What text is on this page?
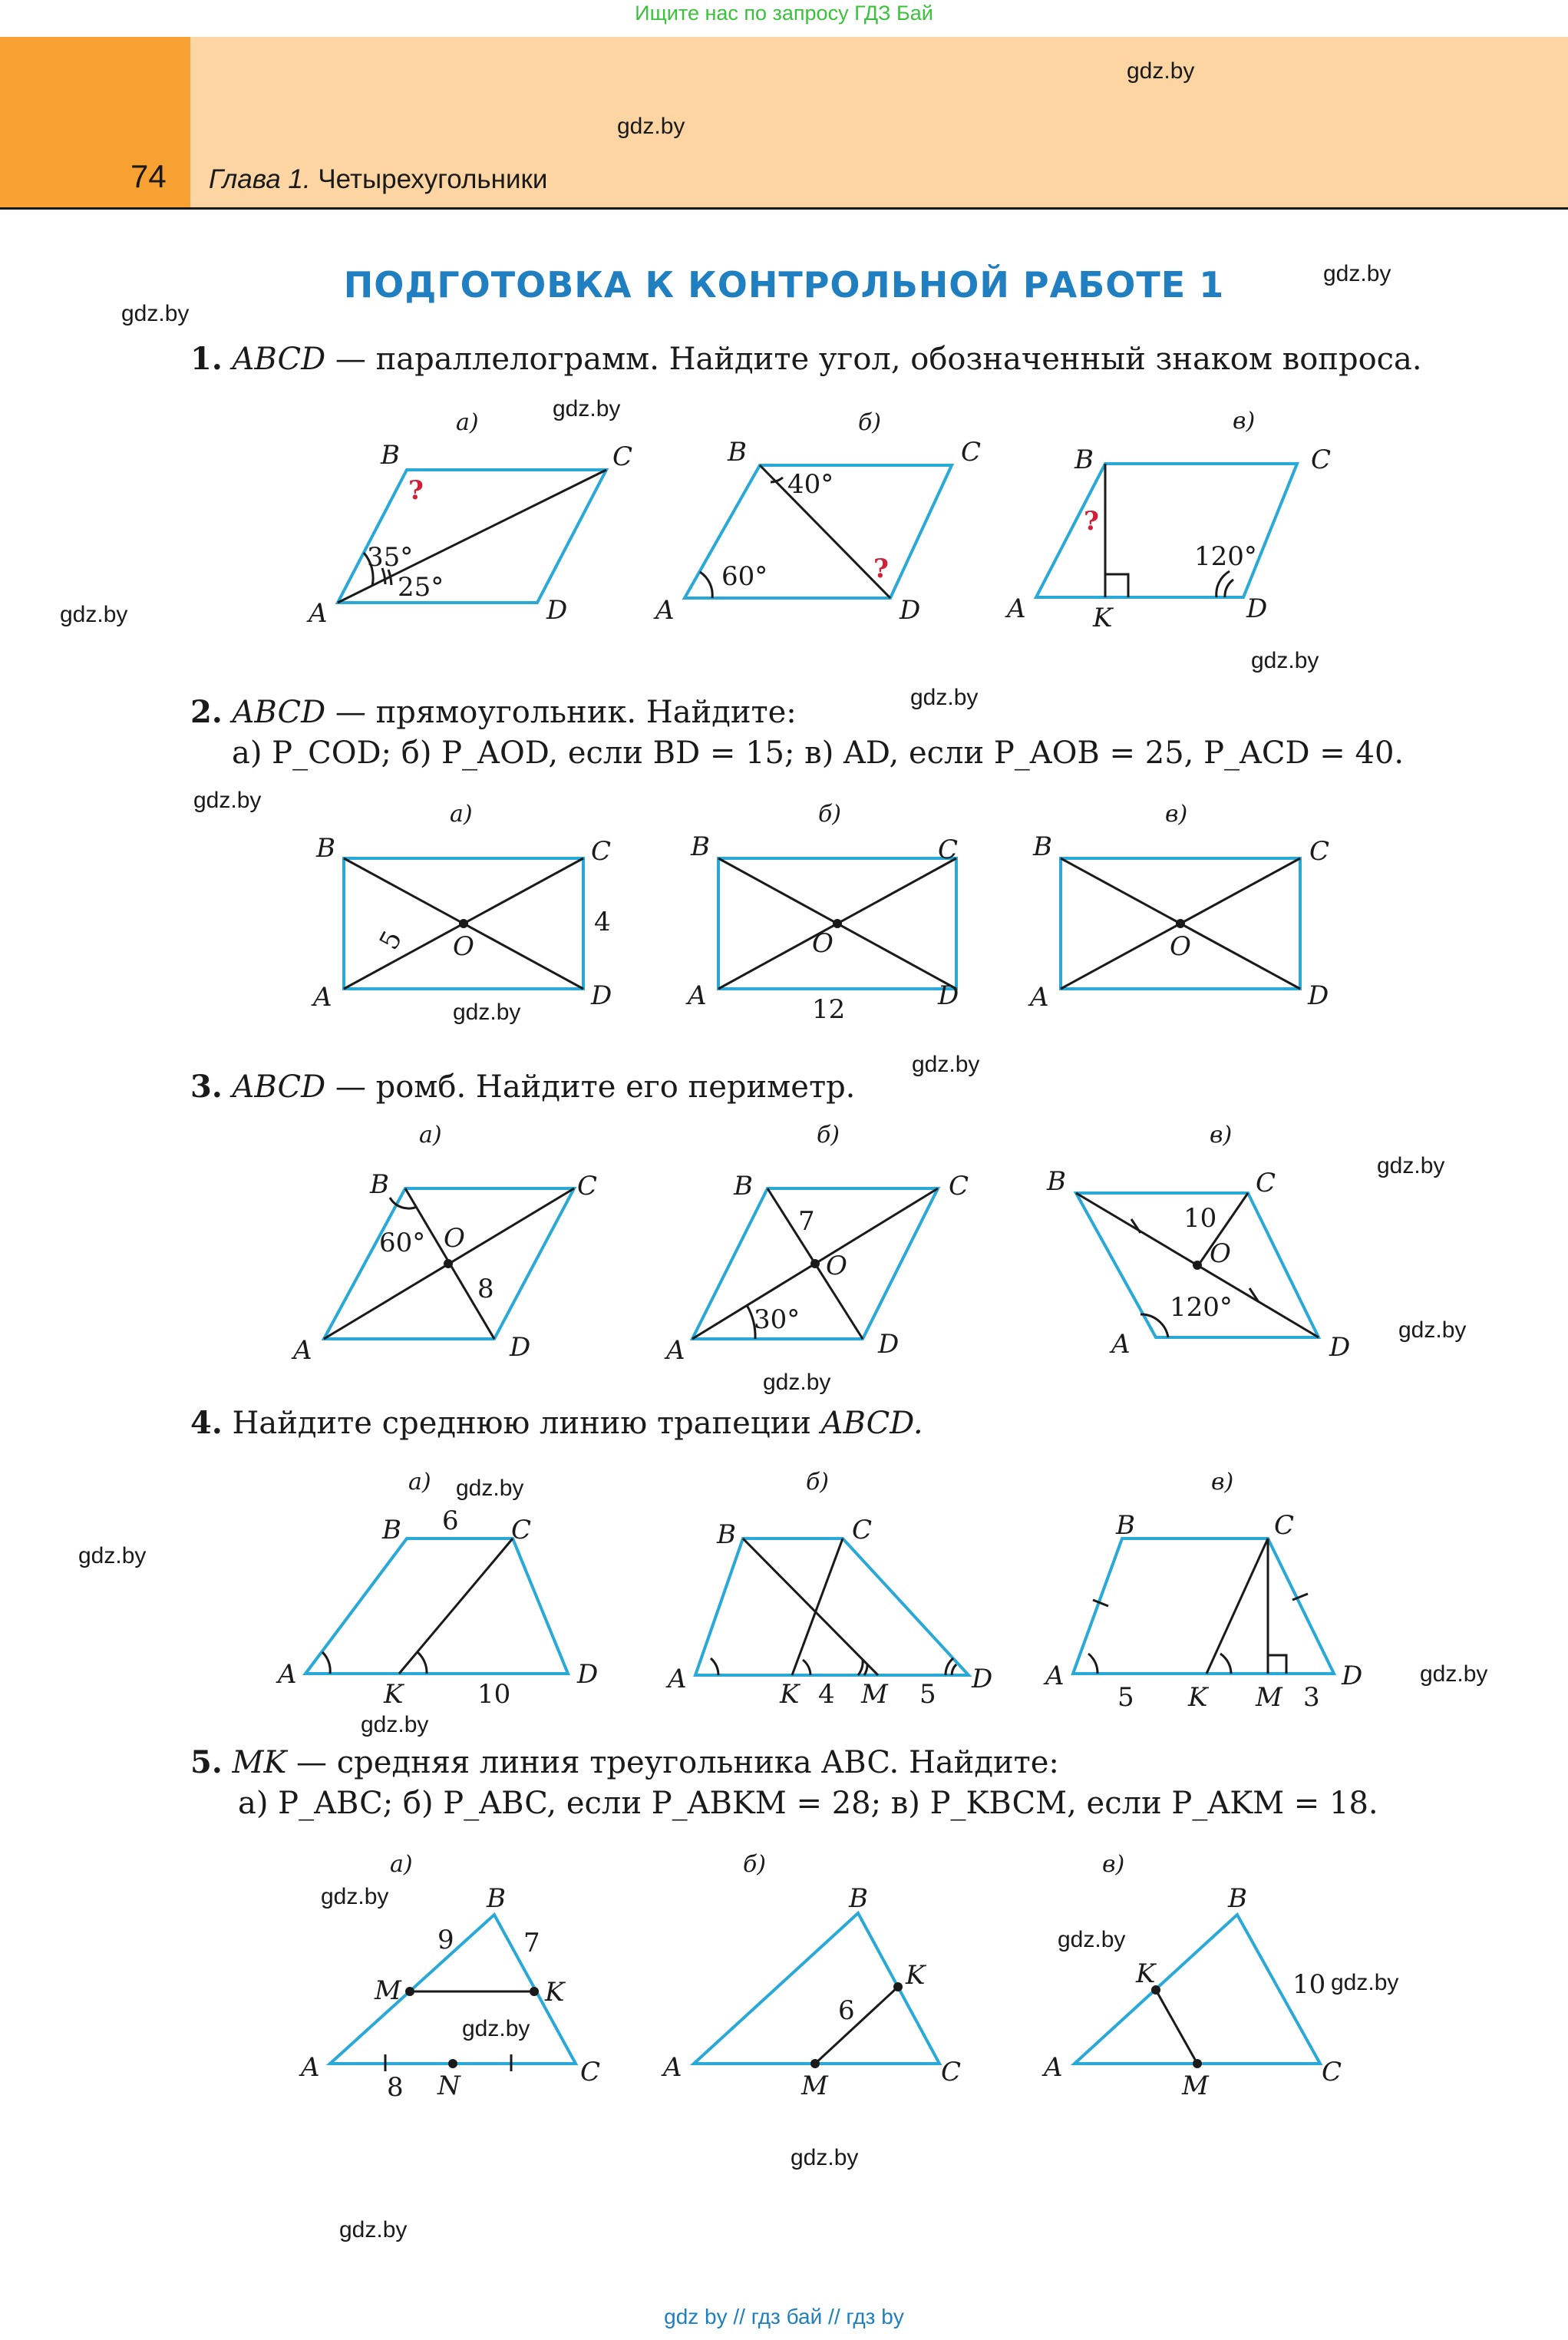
Ищите нас по запросу ГДЗ Бай
74 Глава 1. Четырехугольники
gdz.by
gdz.by
gdz.by
gdz.by
gdz.by
gdz.by
gdz.by
gdz.by
gdz.by
gdz.by
gdz.by
gdz.by
gdz.by
gdz.by
gdz.by
gdz.by
gdz.by
gdz.by
gdz.by
gdz.by
gdz.by
gdz.by
gdz.by
gdz.by
ПОДГОТОВКА К КОНТРОЛЬНОЙ РАБОТЕ 1
1. ABCD — параллелограмм. Найдите угол, обозначенный знаком вопроса.
2. ABCD — прямоугольник. Найдите:
а) P_COD; б) P_AOD, если BD = 15; в) AD, если P_AOB = 25, P_ACD = 40.
3. ABCD — ромб. Найдите его периметр.
4. Найдите среднюю линию трапеции ABCD.
5. MK — средняя линия треугольника ABC. Найдите:
а) P_ABC; б) P_ABC, если P_ABKM = 28; в) P_KBCM, если P_AKM = 18.
а)	б)	в)
а)	б)	в)
а)	б)	в)
а)	б)	в)
а)	б)	в)
B	C
A	D
B	C
A	D
B	C
A	D
K
B	C
A	D
O
B	C
A	D
O
B	C
A	D
O
B	C
A	D
O
B	C
A	D
O
B	C
A	D
O
B	C
A	D
K
B	C
A	D
K M
B	C
A	D
K M
B
C
A
M	K
N
B
C
A
M
K
B
C
A
M
K
35°
25°
40°
60°
120°
5
4
12
60°
8
7
30°
10
120°
6
10	4	5	5	3
9	7
8
6
10
?
?
?
gdz by // гдз бай // гдз by
